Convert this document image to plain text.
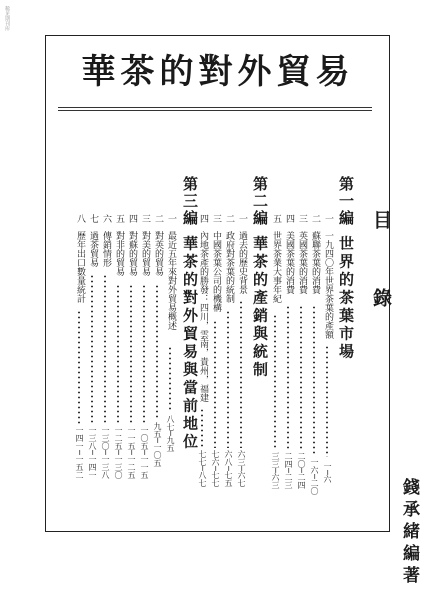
稀见期刊库
華茶的對外貿易
目 錄
第一編 世界的茶葉市場
一一九四〇年世界茶葉的產額
一─六
二蘇聯茶葉的消費
一六─二〇
三英國茶葉的消費
二〇─二四
四美國茶葉的消費
二四─二三
五世界茶業大事年紀
三三─六三
第二編 華茶的產銷與統制
一過去的歷史背景
六三─六七
二政府對茶葉的統制
六八─七五
三中國茶葉公司的機構
七六─七七
四內地茶產的勝發：四川，雲南，貴州，福建
七七─八七
第三編 華茶的對外貿易與當前地位
一最近五年來對外貿易概述
八七─九五
二對英的貿易
九五─一〇五
三對美的貿易
一〇五─一一五
四對蘇的貿易
一一五─一二五
五對非的貿易
一二五─一三〇
六傳銷情形
一三〇─一三八
七過茶貿易
一三八─一四一
八歷年出口數量統計
一四一─一五二
錢承緒編著
